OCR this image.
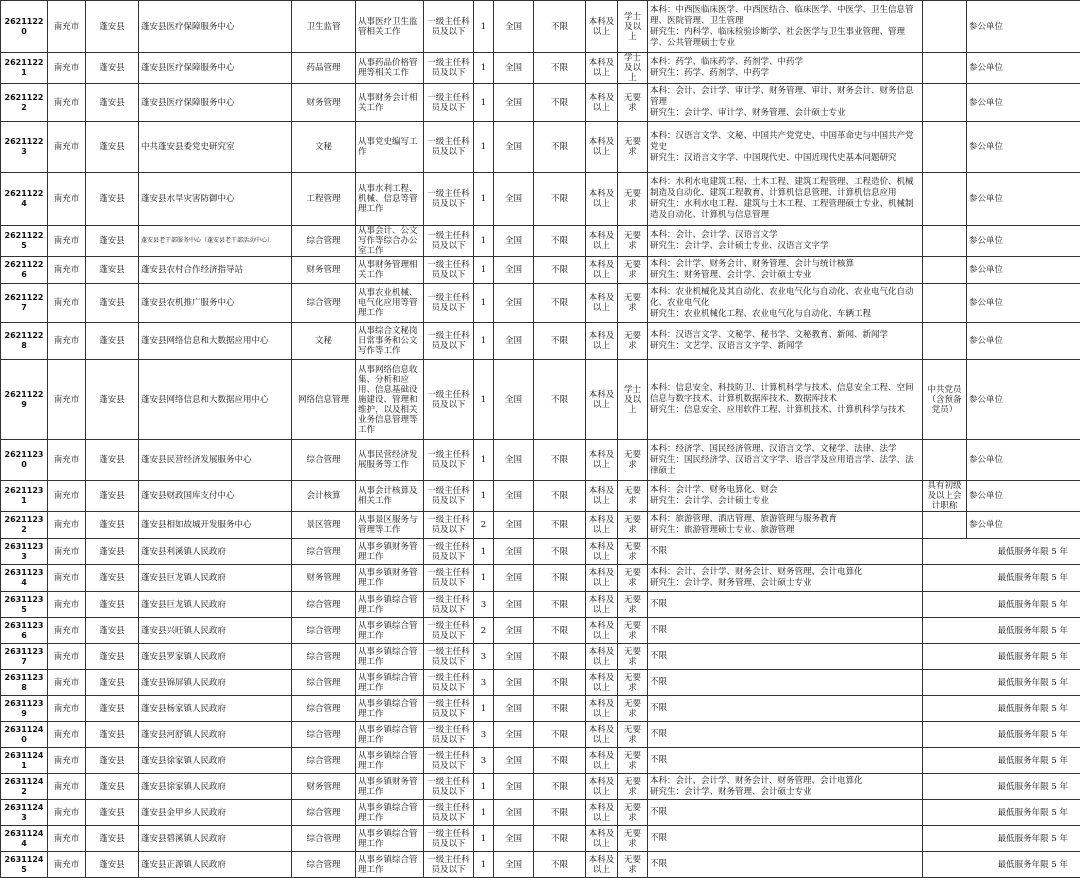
26211220	南充市	蓬安县	蓬安县医疗保障服务中心	卫生监管	从事医疗卫生监管相关工作	一级主任科员及以下	1	全国	不限	本科及以上	学士及以上	本科：中西医临床医学、中西医结合、临床医学、中医学、卫生信息管理、医院管理、卫生管理
研究生：内科学、临床检验诊断学、社会医学与卫生事业管理、管理学、公共管理硕士专业		参公单位
26211221	南充市	蓬安县	蓬安县医疗保障服务中心	药品管理	从事药品价格管理等相关工作	一级主任科员及以下	1	全国	不限	本科及以上	学士及以上	本科：药学、临床药学、药剂学、中药学
研究生：药学、药剂学、中药学		参公单位
26211222	南充市	蓬安县	蓬安县医疗保障服务中心	财务管理	从事财务会计相关工作	一级主任科员及以下	1	全国	不限	本科及以上	无要求	本科：会计、会计学、审计学、财务管理、审计、财务会计、财务信息管理
研究生：会计学、审计学、财务管理、会计硕士专业		参公单位
26211223	南充市	蓬安县	中共蓬安县委党史研究室	文秘	从事党史编写工作	一级主任科员及以下	1	全国	不限	本科及以上	无要求	本科：汉语言文学、文秘、中国共产党党史、中国革命史与中国共产党党史
研究生：汉语言文字学、中国现代史、中国近现代史基本问题研究		参公单位
26211224	南充市	蓬安县	蓬安县水旱灾害防御中心	工程管理	从事水利工程、机械、信息等管理工作	一级主任科员及以下	1	全国	不限	本科及以上	无要求	本科：水利水电建筑工程、土木工程、建筑工程管理、工程造价、机械制造及自动化、建筑工程教育、计算机信息管理、计算机信息应用
研究生：水利水电工程、建筑与土木工程、工程管理硕士专业、机械制造及自动化、计算机与信息管理		参公单位
26211225	南充市	蓬安县	蓬安县老干部服务中心（蓬安县老干部活动中心）	综合管理	从事会计、公文写作等综合办公室工作	一级主任科员及以下	1	全国	不限	本科及以上	无要求	本科：会计、会计学、汉语言文学
研究生：会计学、会计硕士专业、汉语言文字学		参公单位
26211226	南充市	蓬安县	蓬安县农村合作经济指导站	财务管理	从事财务管理相关工作	一级主任科员及以下	1	全国	不限	本科及以上	无要求	本科：会计学、财务会计、财务管理、会计与统计核算
研究生：财务管理、会计学、会计硕士专业		参公单位
26211227	南充市	蓬安县	蓬安县农机推广服务中心	综合管理	从事农业机械、电气化应用等管理工作	一级主任科员及以下	1	全国	不限	本科及以上	无要求	本科：农业机械化及其自动化、农业电气化与自动化、农业电气化自动化、农业电气化
研究生：农业机械化工程、农业电气化与自动化、车辆工程		参公单位
26211228	南充市	蓬安县	蓬安县网络信息和大数据应用中心	文秘	从事综合文秘岗日常事务和公文写作等工作	一级主任科员及以下	1	全国	不限	本科及以上	无要求	本科：汉语言文学、文秘学、秘书学、文秘教育、新闻、新闻学
研究生：文艺学、汉语言文字学、新闻学		参公单位
26211229	南充市	蓬安县	蓬安县网络信息和大数据应用中心	网络信息管理	从事网络信息收集、分析和应用、信息基础设施建设、管理和维护，以及相关业务信息管理等工作	一级主任科员及以下	1	全国	不限	本科及以上	学士及以上	本科：信息安全、科技防卫、计算机科学与技术、信息安全工程、空间信息与数字技术、计算机数据库技术、数据库技术
研究生：信息安全、应用软件工程、计算机技术、计算机科学与技术	中共党员（含预备党员）	参公单位
26211230	南充市	蓬安县	蓬安县民营经济发展服务中心	综合管理	从事民营经济发展服务等工作	一级主任科员及以下	1	全国	不限	本科及以上	无要求	本科：经济学、国民经济管理、汉语言文学、文秘学、法律、法学
研究生：国民经济学、汉语言文字学、语言学及应用语言学、法学、法律硕士		参公单位
26211231	南充市	蓬安县	蓬安县财政国库支付中心	会计核算	从事会计核算及相关工作	一级主任科员及以下	1	全国	不限	本科及以上	无要求	本科：会计学、财务电算化、财会
研究生：会计学、会计硕士专业	具有初级及以上会计职称	参公单位
26211232	南充市	蓬安县	蓬安县相如故城开发服务中心	景区管理	从事景区服务与管理等工作	一级主任科员及以下	2	全国	不限	本科及以上	无要求	本科：旅游管理、酒店管理、旅游管理与服务教育
研究生：旅游管理硕士专业、旅游管理		参公单位
26311233	南充市	蓬安县	蓬安县利溪镇人民政府	综合管理	从事乡镇财务管理工作	一级主任科员及以下	1	全国	不限	本科及以上	无要求	不限	最低服务年限 5 年	
26311234	南充市	蓬安县	蓬安县巨龙镇人民政府	财务管理	从事乡镇财务管理工作	一级主任科员及以下	1	全国	不限	本科及以上	无要求	本科：会计、会计学、财务会计、财务管理、会计电算化
研究生：会计学、财务管理、会计硕士专业	最低服务年限 5 年	
26311235	南充市	蓬安县	蓬安县巨龙镇人民政府	综合管理	从事乡镇综合管理工作	一级主任科员及以下	3	全国	不限	本科及以上	无要求	不限	最低服务年限 5 年	
26311236	南充市	蓬安县	蓬安县兴旺镇人民政府	综合管理	从事乡镇综合管理工作	一级主任科员及以下	2	全国	不限	本科及以上	无要求	不限	最低服务年限 5 年	
26311237	南充市	蓬安县	蓬安县罗家镇人民政府	综合管理	从事乡镇综合管理工作	一级主任科员及以下	3	全国	不限	本科及以上	无要求	不限	最低服务年限 5 年	
26311238	南充市	蓬安县	蓬安县锦屏镇人民政府	综合管理	从事乡镇综合管理工作	一级主任科员及以下	3	全国	不限	本科及以上	无要求	不限	最低服务年限 5 年	
26311239	南充市	蓬安县	蓬安县杨家镇人民政府	综合管理	从事乡镇综合管理工作	一级主任科员及以下	1	全国	不限	本科及以上	无要求	不限	最低服务年限 5 年	
26311240	南充市	蓬安县	蓬安县河舒镇人民政府	综合管理	从事乡镇综合管理工作	一级主任科员及以下	3	全国	不限	本科及以上	无要求	不限	最低服务年限 5 年	
26311241	南充市	蓬安县	蓬安县徐家镇人民政府	综合管理	从事乡镇综合管理工作	一级主任科员及以下	3	全国	不限	本科及以上	无要求	不限	最低服务年限 5 年	
26311242	南充市	蓬安县	蓬安县徐家镇人民政府	财务管理	从事乡镇财务管理工作	一级主任科员及以下	1	全国	不限	本科及以上	无要求	本科：会计、会计学、财务会计、财务管理、会计电算化
研究生：会计学、财务管理、会计硕士专业	最低服务年限 5 年	
26311243	南充市	蓬安县	蓬安县金甲乡人民政府	综合管理	从事乡镇综合管理工作	一级主任科员及以下	1	全国	不限	本科及以上	无要求	不限	最低服务年限 5 年	
26311244	南充市	蓬安县	蓬安县碧溪镇人民政府	综合管理	从事乡镇综合管理工作	一级主任科员及以下	1	全国	不限	本科及以上	无要求	不限	最低服务年限 5 年	
26311245	南充市	蓬安县	蓬安县正源镇人民政府	综合管理	从事乡镇综合管理工作	一级主任科员及以下	1	全国	不限	本科及以上	无要求	不限	最低服务年限 5 年	
